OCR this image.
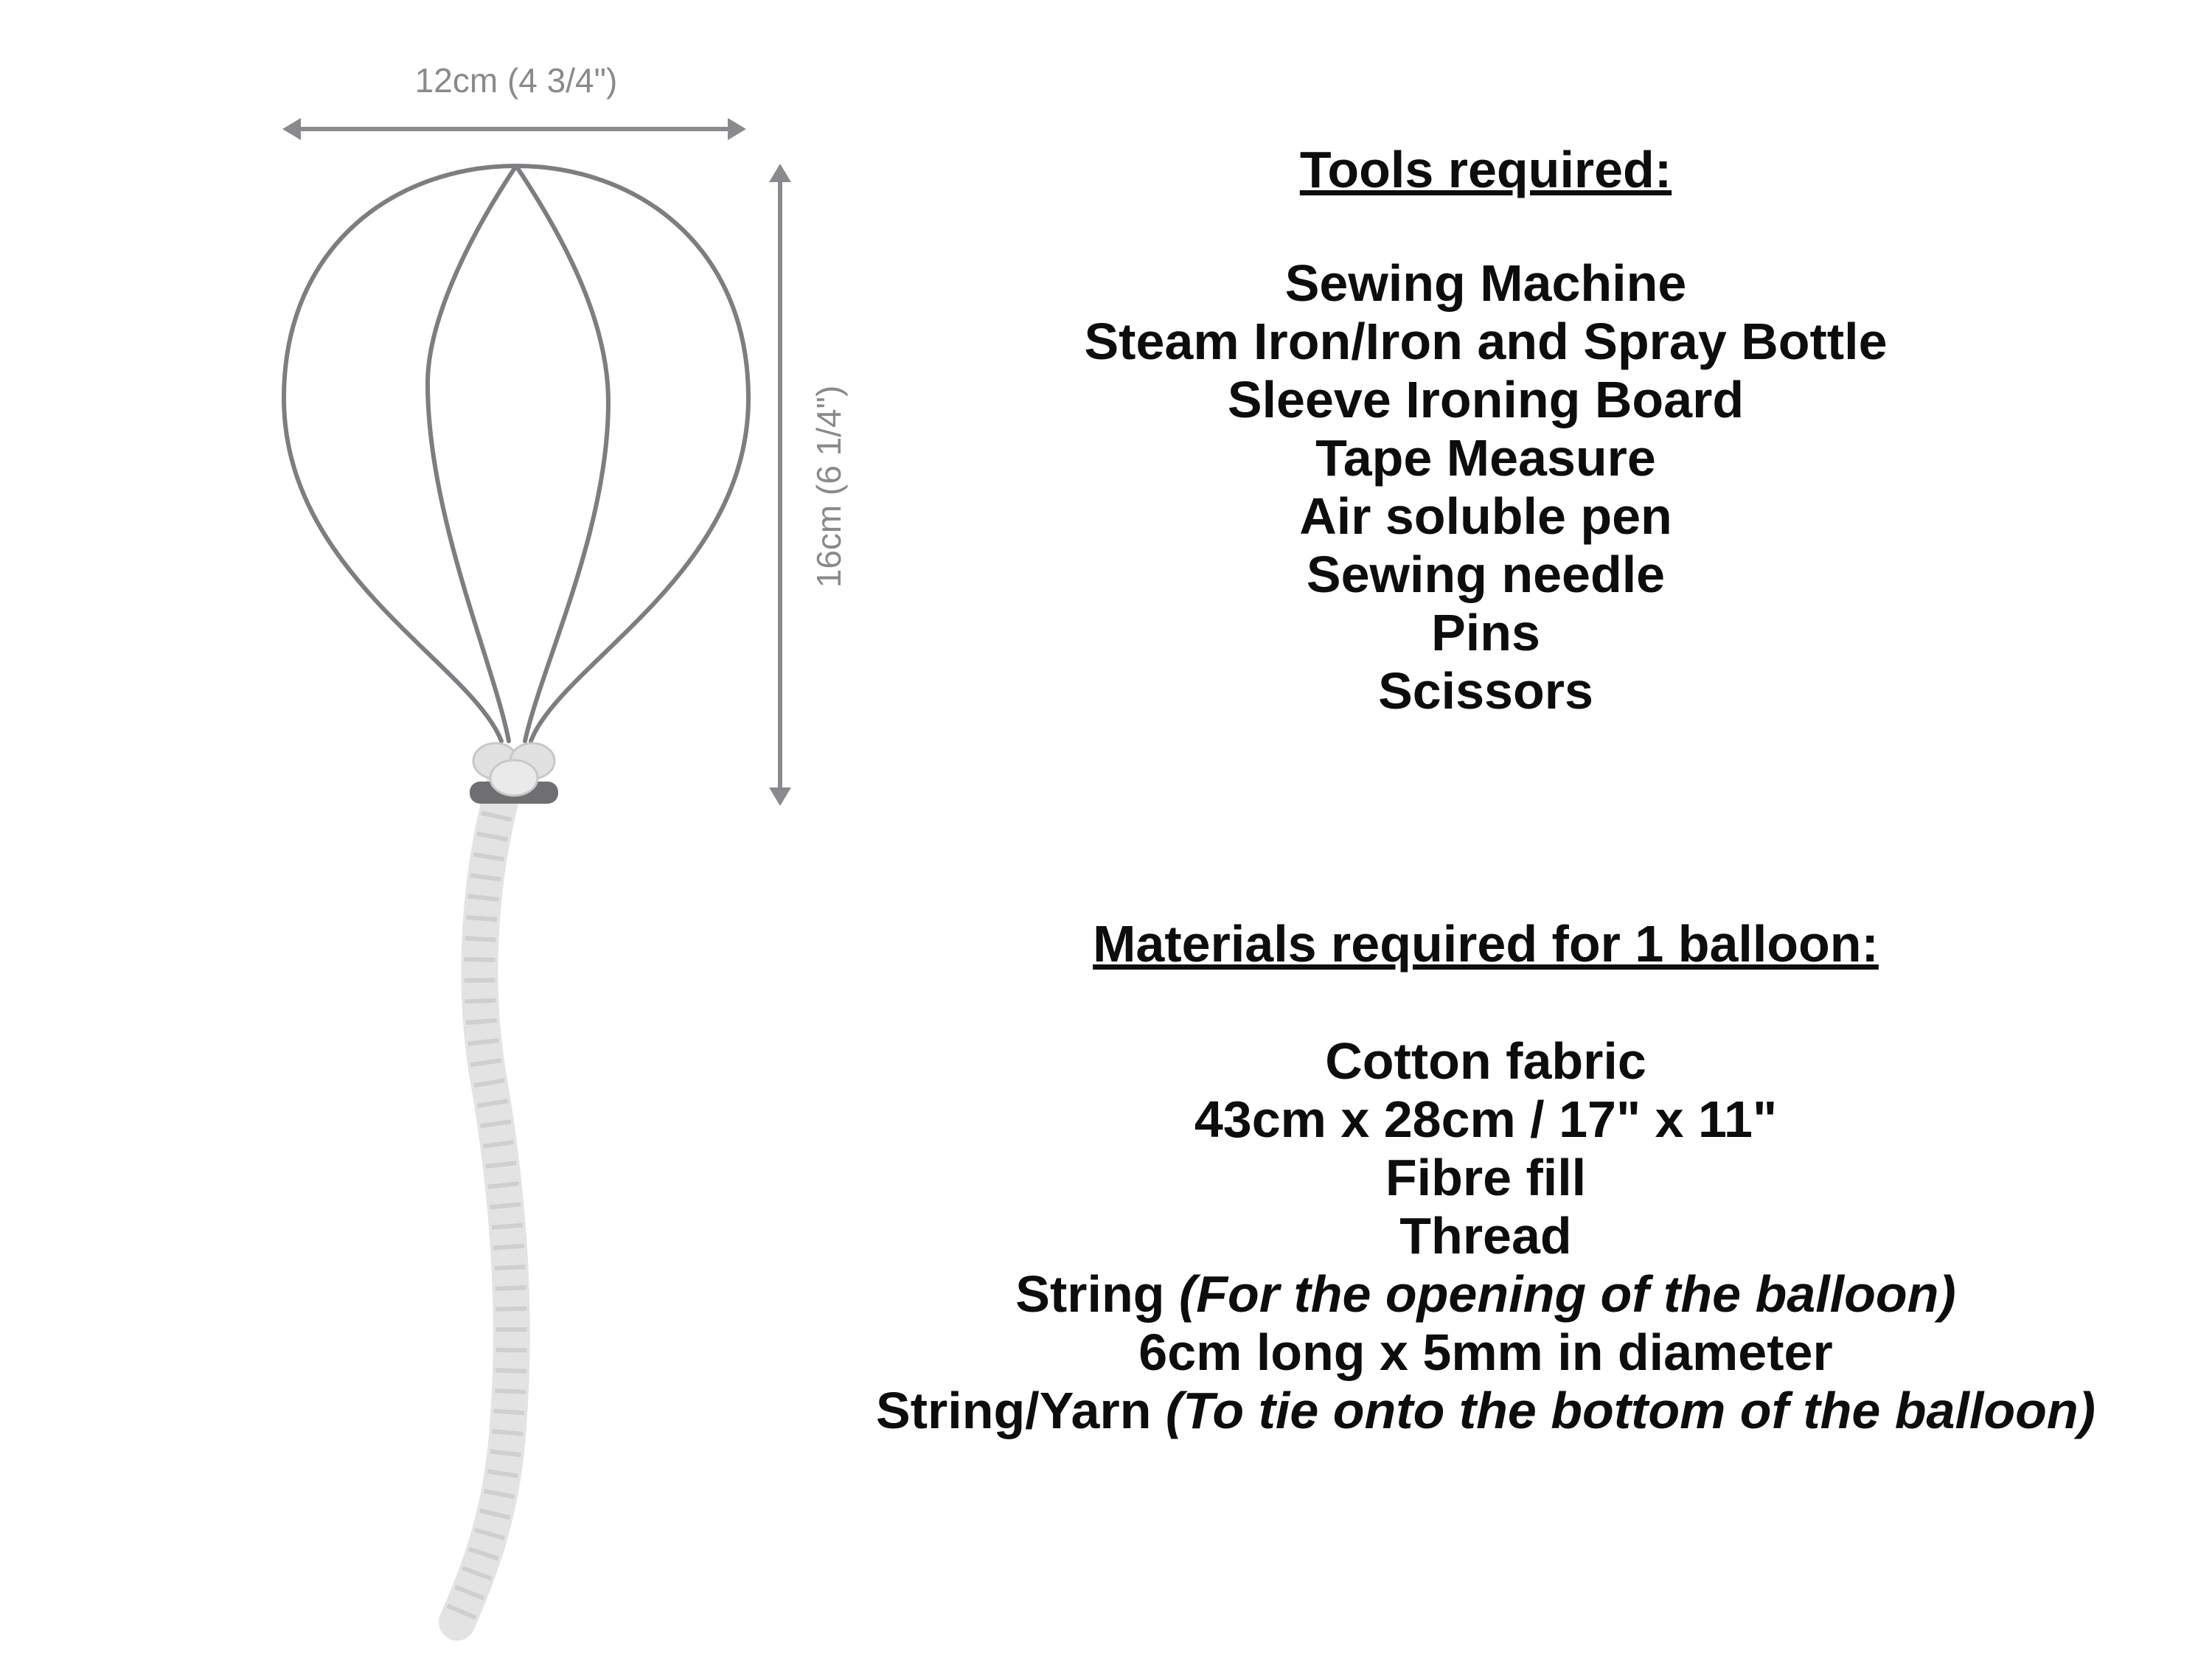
12cm (4 3/4")
16cm (6 1/4")
Tools required:
Sewing Machine
Steam Iron/Iron and Spray Bottle
Sleeve Ironing Board
Tape Measure
Air soluble pen
Sewing needle
Pins
Scissors
Materials required for 1 balloon:
Cotton fabric
43cm x 28cm / 17" x 11"
Fibre fill
Thread
String (For the opening of the balloon)
6cm long x 5mm in diameter
String/Yarn (To tie onto the bottom of the balloon)
